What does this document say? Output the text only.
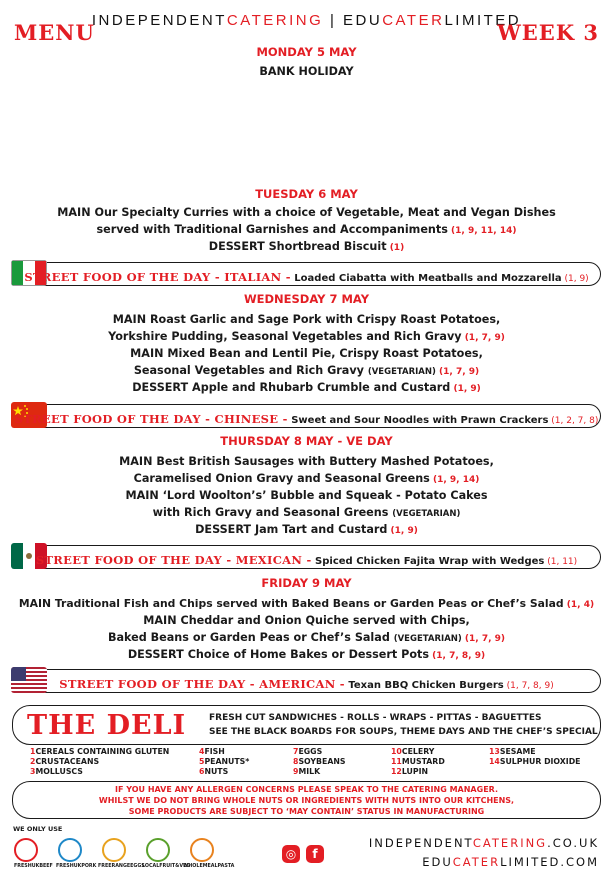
MENU
INDEPENDENTCATERING | EDUCATERLIMITED
WEEK 3
MONDAY 5 MAY
BANK HOLIDAY
TUESDAY 6 MAY
MAIN Our Specialty Curries with a choice of Vegetable, Meat and Vegan Dishes
served with Traditional Garnishes and Accompaniments (1, 9, 11, 14)
DESSERT Shortbread Biscuit (1)
STREET FOOD OF THE DAY - ITALIAN - Loaded Ciabatta with Meatballs and Mozzarella (1, 9)
WEDNESDAY 7 MAY
MAIN Roast Garlic and Sage Pork with Crispy Roast Potatoes,
Yorkshire Pudding, Seasonal Vegetables and Rich Gravy (1, 7, 9)
MAIN Mixed Bean and Lentil Pie, Crispy Roast Potatoes,
Seasonal Vegetables and Rich Gravy (VEGETARIAN) (1, 7, 9)
DESSERT Apple and Rhubarb Crumble and Custard (1, 9)
STREET FOOD OF THE DAY - CHINESE - Sweet and Sour Noodles with Prawn Crackers (1, 2, 7, 8)
THURSDAY 8 MAY - VE DAY
MAIN Best British Sausages with Buttery Mashed Potatoes,
Caramelised Onion Gravy and Seasonal Greens (1, 9, 14)
MAIN ‘Lord Woolton’s’ Bubble and Squeak - Potato Cakes
with Rich Gravy and Seasonal Greens (VEGETARIAN)
DESSERT Jam Tart and Custard (1, 9)
STREET FOOD OF THE DAY - MEXICAN - Spiced Chicken Fajita Wrap with Wedges (1, 11)
FRIDAY 9 MAY
MAIN Traditional Fish and Chips served with Baked Beans or Garden Peas or Chef’s Salad (1, 4)
MAIN Cheddar and Onion Quiche served with Chips,
Baked Beans or Garden Peas or Chef’s Salad (VEGETARIAN) (1, 7, 9)
DESSERT Choice of Home Bakes or Dessert Pots (1, 7, 8, 9)
STREET FOOD OF THE DAY - AMERICAN - Texan BBQ Chicken Burgers (1, 7, 8, 9)
THE DELI	FRESH CUT SANDWICHES - ROLLS - WRAPS - PITTAS - BAGUETTES
SEE THE BLACK BOARDS FOR SOUPS, THEME DAYS AND THE CHEF’S SPECIAL
1CEREALS CONTAINING GLUTEN
2CRUSTACEANS
3MOLLUSCS
4FISH
5PEANUTS*
6NUTS
7EGGS
8SOYBEANS
9MILK
10CELERY
11MUSTARD
12LUPIN
13SESAME
14SULPHUR DIOXIDE
IF YOU HAVE ANY ALLERGEN CONCERNS PLEASE SPEAK TO THE CATERING MANAGER.
WHILST WE DO NOT BRING WHOLE NUTS OR INGREDIENTS WITH NUTS INTO OUR KITCHENS,
SOME PRODUCTS ARE SUBJECT TO ‘MAY CONTAIN’ STATUS IN MANUFACTURING
WE ONLY USE
FRESHUKBEEF FRESHUKPORK FREERANGEEGGS
LOCALFRUIT&VEG
WHOLEMEALPASTA
◎	f
INDEPENDENTCATERING.CO.UK
EDUCATERLIMITED.COM
